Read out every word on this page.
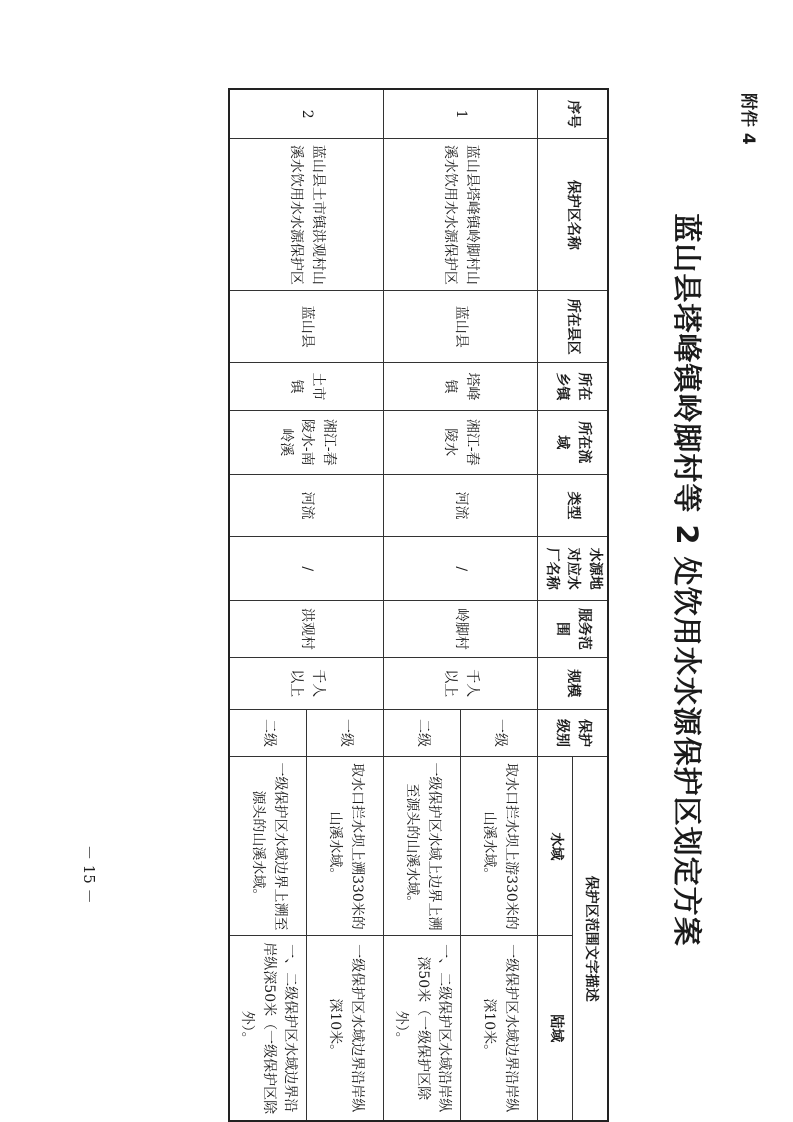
－ 15 －
附件 4
蓝山县塔峰镇岭脚村等 2 处饮用水水源保护区划定方案
序号	保护区名称	所在县区	所在乡镇	所在流域	类型	水源地对应水厂名称	服务范围	规模	保护级别	保护区范围文字描述	
										水域	陆域
1	蓝山县塔峰镇岭脚村山溪水饮用水水源保护区	蓝山县	塔峰镇	湘江-舂陵水	河流	/	岭脚村	千人以上	一级	取水口拦水坝上游330米的山溪水域。	一级保护区水域边界沿岸纵深10米。
									二级	一级保护区水域上边界上溯至源头的山溪水域。	一、二级保护区水域沿岸纵深50米（一级保护区除外）。
2	蓝山县土市镇洪观村山溪水饮用水水源保护区	蓝山县	土市镇	湘江-舂陵水-南岭溪	河流	/	洪观村	千人以上	一级	取水口拦水坝上溯330米的山溪水域。	一级保护区水域边界沿岸纵深10米。
									二级	一级保护区水域边界上溯至源头的山溪水域。	一、二级保护区水域边界沿岸纵深50米（一级保护区除外）。
